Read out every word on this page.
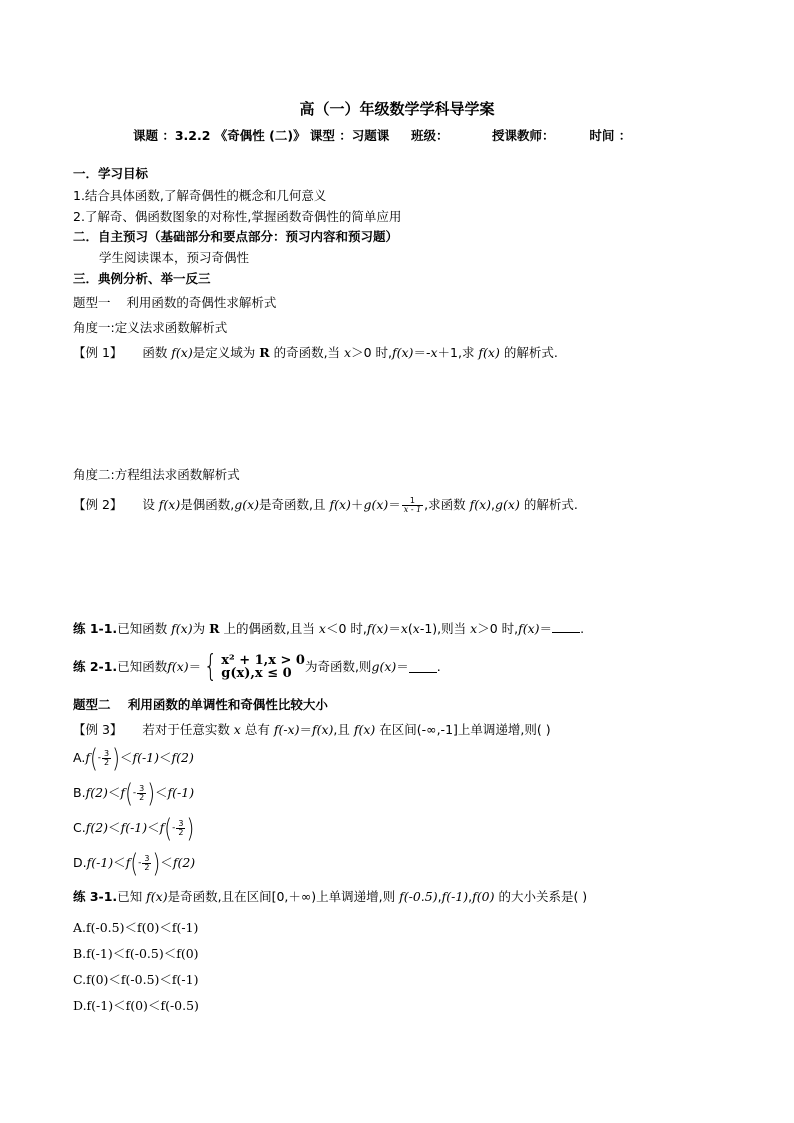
高（一）年级数学学科导学案
课题 ：3.2.2 《奇偶性 (二)》 课型 ：习题课     班级：          授课教师：        时间 ：
一．学习目标
1.结合具体函数,了解奇偶性的概念和几何意义
2.了解奇、偶函数图象的对称性,掌握函数奇偶性的简单应用
二．自主预习（基础部分和要点部分：预习内容和预习题）
学生阅读课本，预习奇偶性
三．典例分析、举一反三
题型一    利用函数的奇偶性求解析式
角度一:定义法求函数解析式
【例 1】 函数 f(x)是定义域为 R 的奇函数,当 x＞0 时,f(x)＝-x＋1,求 f(x) 的解析式.
角度二:方程组法求函数解析式
【例 2】 设 f(x)是偶函数,g(x)是奇函数,且 $f(x)+g(x)= \frac{1}{x - 1}$ ,求函数 f(x),g(x) 的解析式.
练 1-1.已知函数 f(x)为 R 上的偶函数,且当 x＜0 时,f(x)＝x(x-1),则当 x＞0 时,f(x)＝ .
练 2-1. 已知函数 f(x) ＝ { x² + 1,x > 0
g(x),x ≤ 0	为奇函数,则 g(x) ＝ .
题型二    利用函数的单调性和奇偶性比较大小
【例 3】 若对于任意实数 x 总有 f(-x)＝f(x),且 f(x) 在区间(-∞,-1]上单调递增,则( )
A. f ( - $\frac{3}{2}$ ) ＜ f(-1) ＜ f(2)
B. f(2) ＜ f ( - $\frac{3}{2}$ ) ＜ f(-1)
C. f(2) ＜ f(-1) ＜ f ( - $\frac{3}{2}$ )
D. f(-1) ＜ f ( - $\frac{3}{2}$ ) ＜ f(2)
练 3-1.已知 f(x)是奇函数,且在区间[0,＋∞)上单调递增,则 f(-0.5),f(-1),f(0) 的大小关系是( )
A.f(-0.5)＜f(0)＜f(-1)
B.f(-1)＜f(-0.5)＜f(0)
C.f(0)＜f(-0.5)＜f(-1)
D.f(-1)＜f(0)＜f(-0.5)
